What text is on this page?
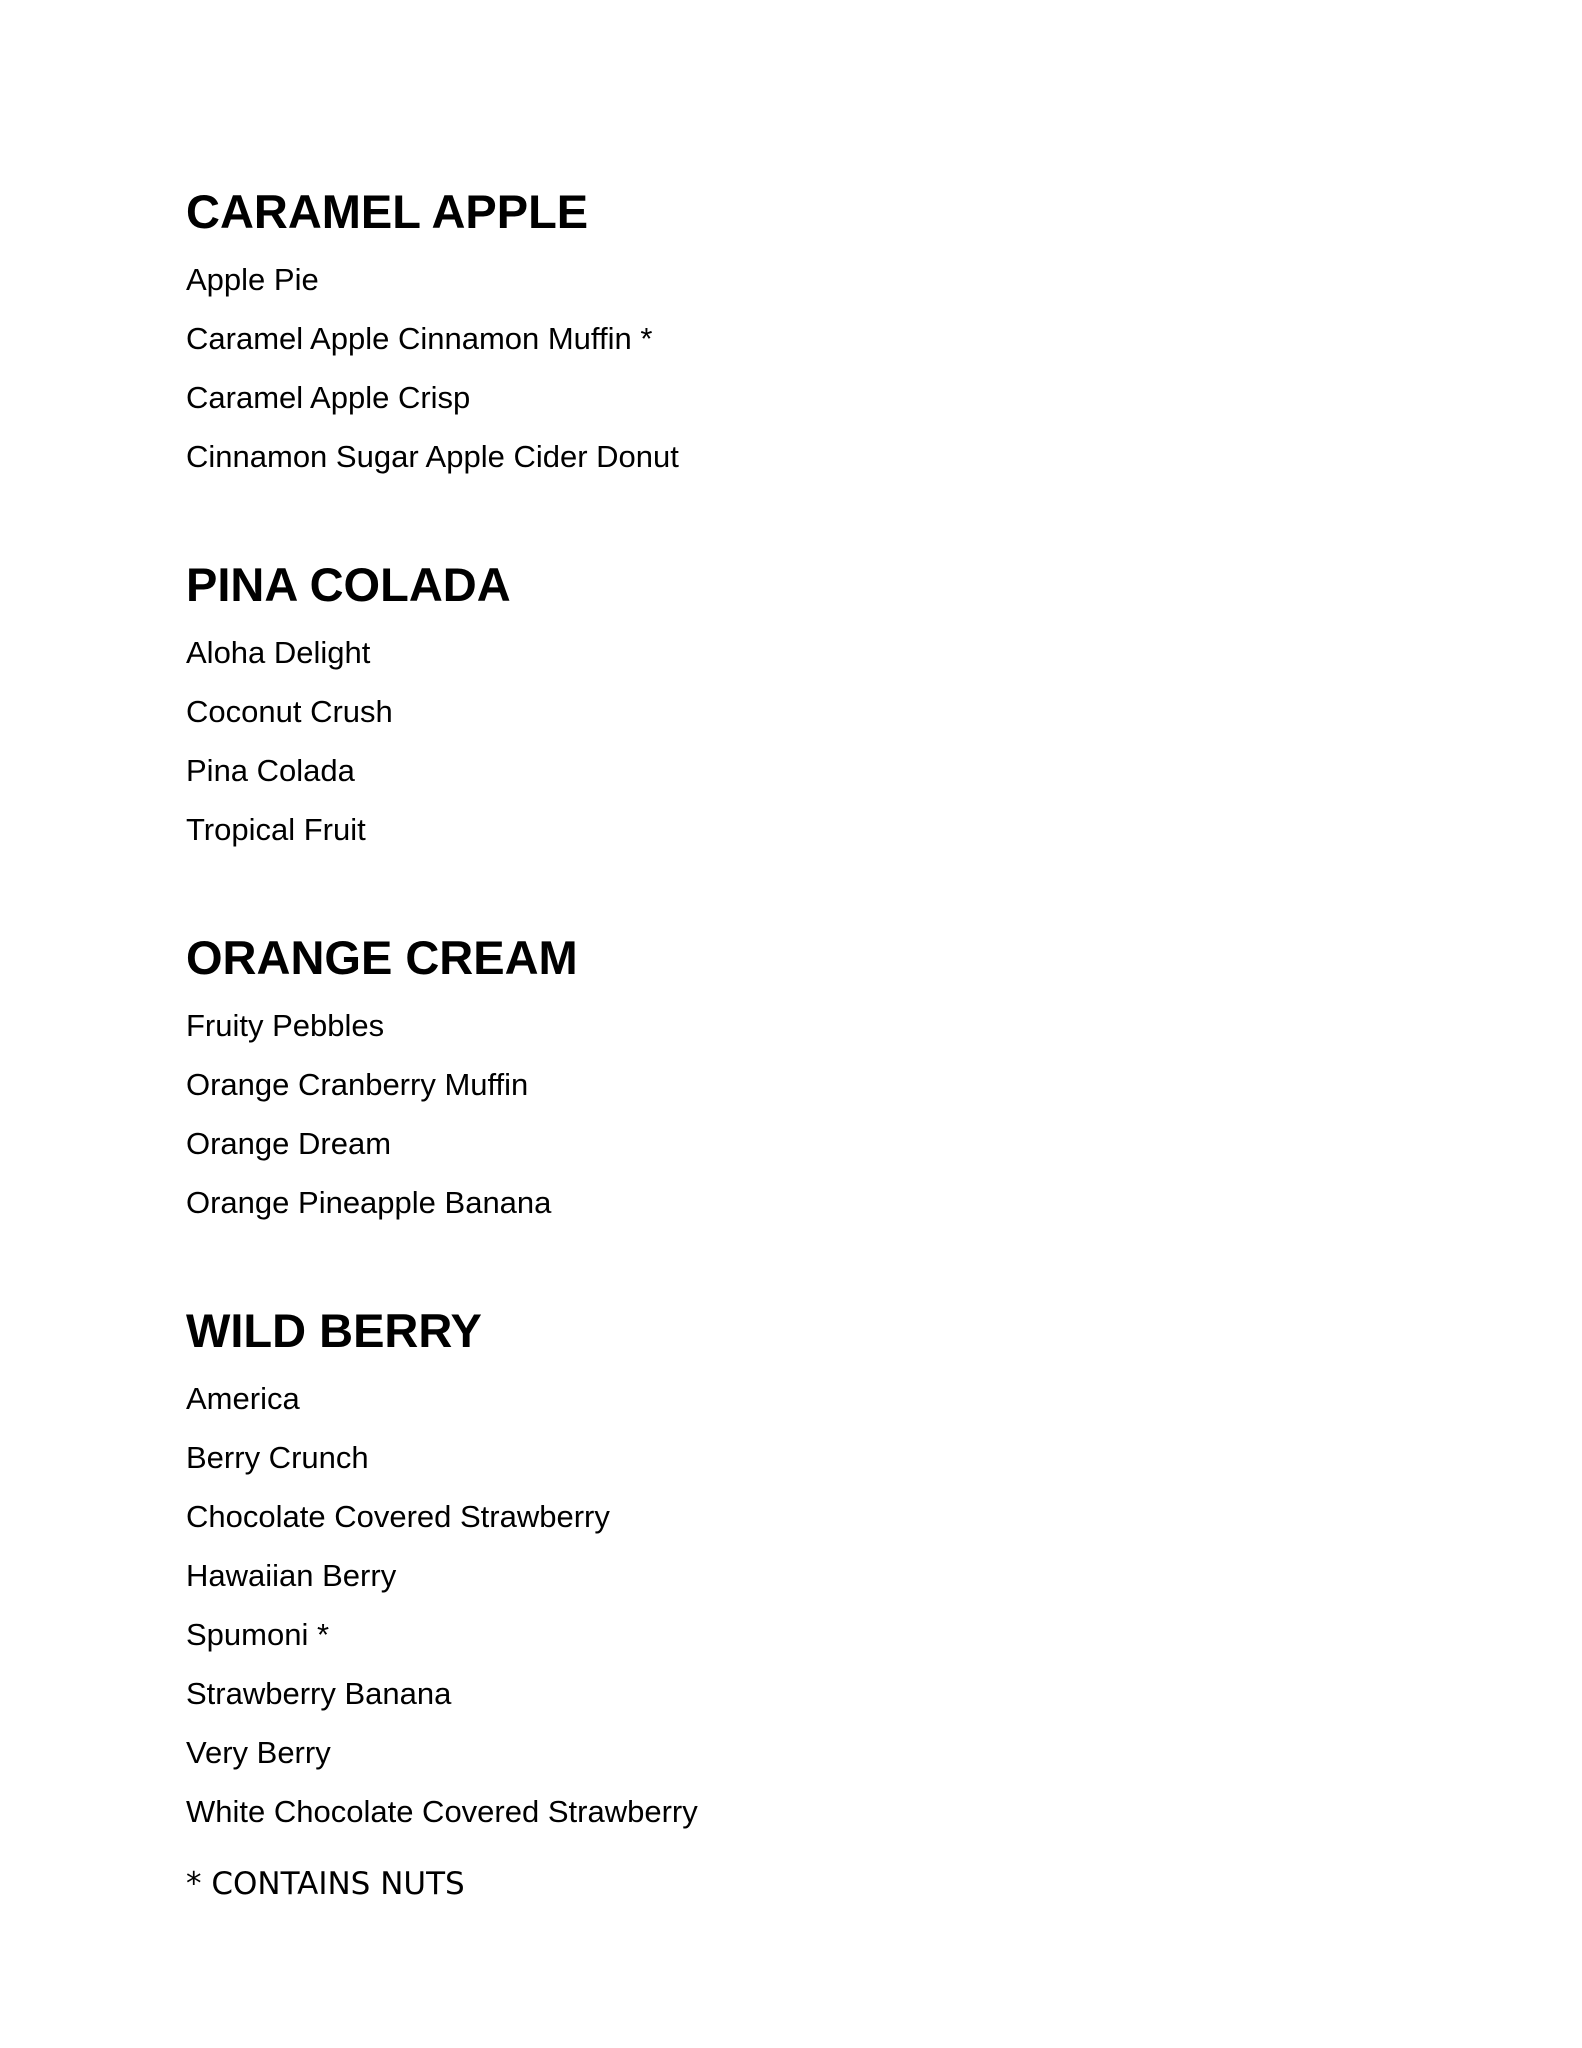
CARAMEL APPLE
Apple Pie
Caramel Apple Cinnamon Muffin *
Caramel Apple Crisp
Cinnamon Sugar Apple Cider Donut
PINA COLADA
Aloha Delight
Coconut Crush
Pina Colada
Tropical Fruit
ORANGE CREAM
Fruity Pebbles
Orange Cranberry Muffin
Orange Dream
Orange Pineapple Banana
WILD BERRY
America
Berry Crunch
Chocolate Covered Strawberry
Hawaiian Berry
Spumoni *
Strawberry Banana
Very Berry
White Chocolate Covered Strawberry

* CONTAINS NUTS
